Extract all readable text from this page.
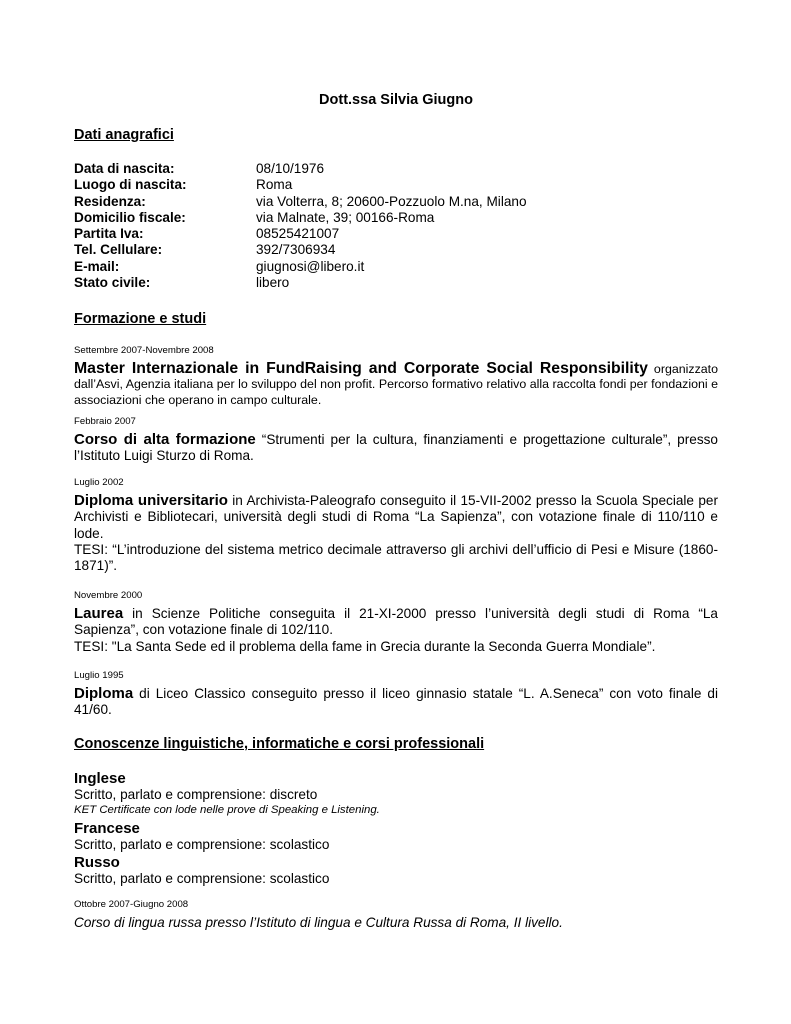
Dott.ssa Silvia Giugno
Dati anagrafici
Data di nascita:	08/10/1976
Luogo di nascita:	Roma
Residenza:	via Volterra, 8; 20600-Pozzuolo M.na, Milano
Domicilio fiscale:	via Malnate, 39; 00166-Roma
Partita Iva:	08525421007
Tel. Cellulare:	392/7306934
E-mail:	giugnosi@libero.it
Stato civile:	libero
Formazione e studi
Settembre 2007-Novembre 2008
Master Internazionale in FundRaising and Corporate Social Responsibility organizzato dall’Asvi, Agenzia italiana per lo sviluppo del non profit. Percorso formativo relativo alla raccolta fondi per fondazioni e associazioni che operano in campo culturale.
Febbraio 2007
Corso di alta formazione “Strumenti per la cultura, finanziamenti e progettazione culturale”, presso l’Istituto Luigi Sturzo di Roma.
Luglio 2002
Diploma universitario in Archivista-Paleografo conseguito il 15-VII-2002 presso la Scuola Speciale per Archivisti e Bibliotecari, università degli studi di Roma “La Sapienza”, con votazione finale di 110/110 e lode.
TESI: “L’introduzione del sistema metrico decimale attraverso gli archivi dell’ufficio di Pesi e Misure (1860-1871)”.
Novembre 2000
Laurea in Scienze Politiche conseguita il 21-XI-2000 presso l’università degli studi di Roma “La Sapienza”, con votazione finale di 102/110.
TESI: "La Santa Sede ed il problema della fame in Grecia durante la Seconda Guerra Mondiale”.
Luglio 1995
Diploma di Liceo Classico conseguito presso il liceo ginnasio statale “L. A.Seneca” con voto finale di 41/60.
Conoscenze linguistiche, informatiche e corsi professionali
Inglese
Scritto, parlato e comprensione: discreto
KET Certificate con lode nelle prove di Speaking e Listening.
Francese
Scritto, parlato e comprensione: scolastico
Russo
Scritto, parlato e comprensione: scolastico
Ottobre 2007-Giugno 2008
Corso di lingua russa presso l’Istituto di lingua e Cultura Russa di Roma, II livello.
